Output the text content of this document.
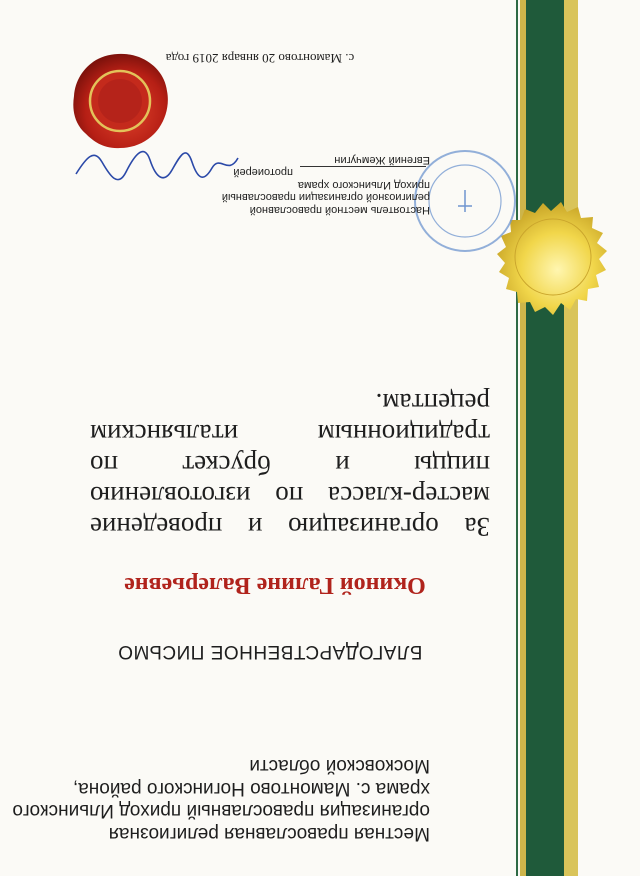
Местная православная религиозная организация православный приход Ильинского храма с. Мамонтово Ногинского района, Московской области

БЛАГОДАРСТВЕННОЕ ПИСЬМО

Окиной Галине Валерьевне

За организацию и проведение мастер-класса по изготовлению пиццы и брускет по традиционным итальянским рецептам.

Настоятель местной православной религиозной организации православный приход Ильинского храма
протоиерей Евгений Жемчугин

с. Мамонтово 20 января 2019 года
